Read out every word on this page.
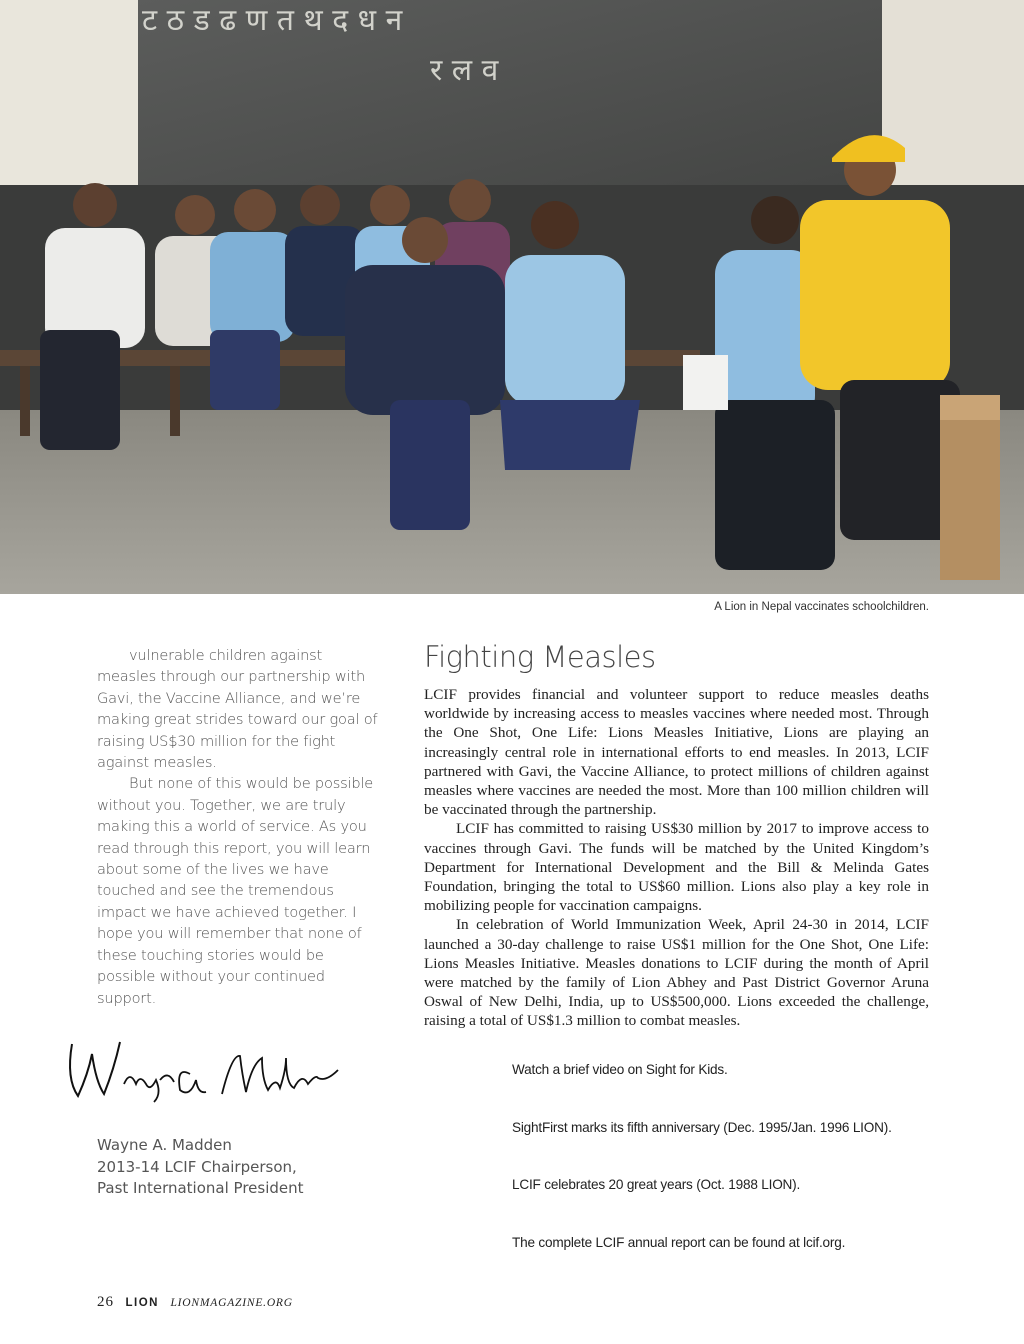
ट ठ ड ढ ण त थ द ध न
र ल व
A Lion in Nepal vaccinates schoolchildren.

vulnerable children against measles through our partnership with Gavi, the Vaccine Alliance, and we’re making great strides toward our goal of raising US$30 million for the fight against measles.

But none of this would be possible without you. Together, we are truly making this a world of service. As you read through this report, you will learn about some of the lives we have touched and see the tremendous impact we have achieved together. I hope you will remember that none of these touching stories would be possible without your continued support.

Wayne A. Madden
2013-14 LCIF Chairperson,
Past International President
Fighting Measles

LCIF provides financial and volunteer support to reduce measles deaths worldwide by increasing access to measles vaccines where needed most. Through the One Shot, One Life: Lions Measles Initiative, Lions are playing an increasingly central role in international efforts to end measles. In 2013, LCIF partnered with Gavi, the Vaccine Alliance, to protect millions of children against measles where vaccines are needed the most. More than 100 million children will be vaccinated through the partnership.

LCIF has committed to raising US$30 million by 2017 to improve access to vaccines through Gavi. The funds will be matched by the United Kingdom’s Department for International Development and the Bill & Melinda Gates Foundation, bringing the total to US$60 million. Lions also play a key role in mobilizing people for vaccination campaigns.

In celebration of World Immunization Week, April 24-30 in 2014, LCIF launched a 30-day challenge to raise US$1 million for the One Shot, One Life: Lions Measles Initiative. Measles donations to LCIF during the month of April were matched by the family of Lion Abhey and Past District Governor Aruna Oswal of New Delhi, India, up to US$500,000. Lions exceeded the challenge, raising a total of US$1.3 million to combat measles.

Watch a brief video on Sight for Kids.
SightFirst marks its fifth anniversary (Dec. 1995/Jan. 1996 LION).
LCIF celebrates 20 great years (Oct. 1988 LION).
The complete LCIF annual report can be found at lcif.org.
26 LION LIONMAGAZINE.ORG
